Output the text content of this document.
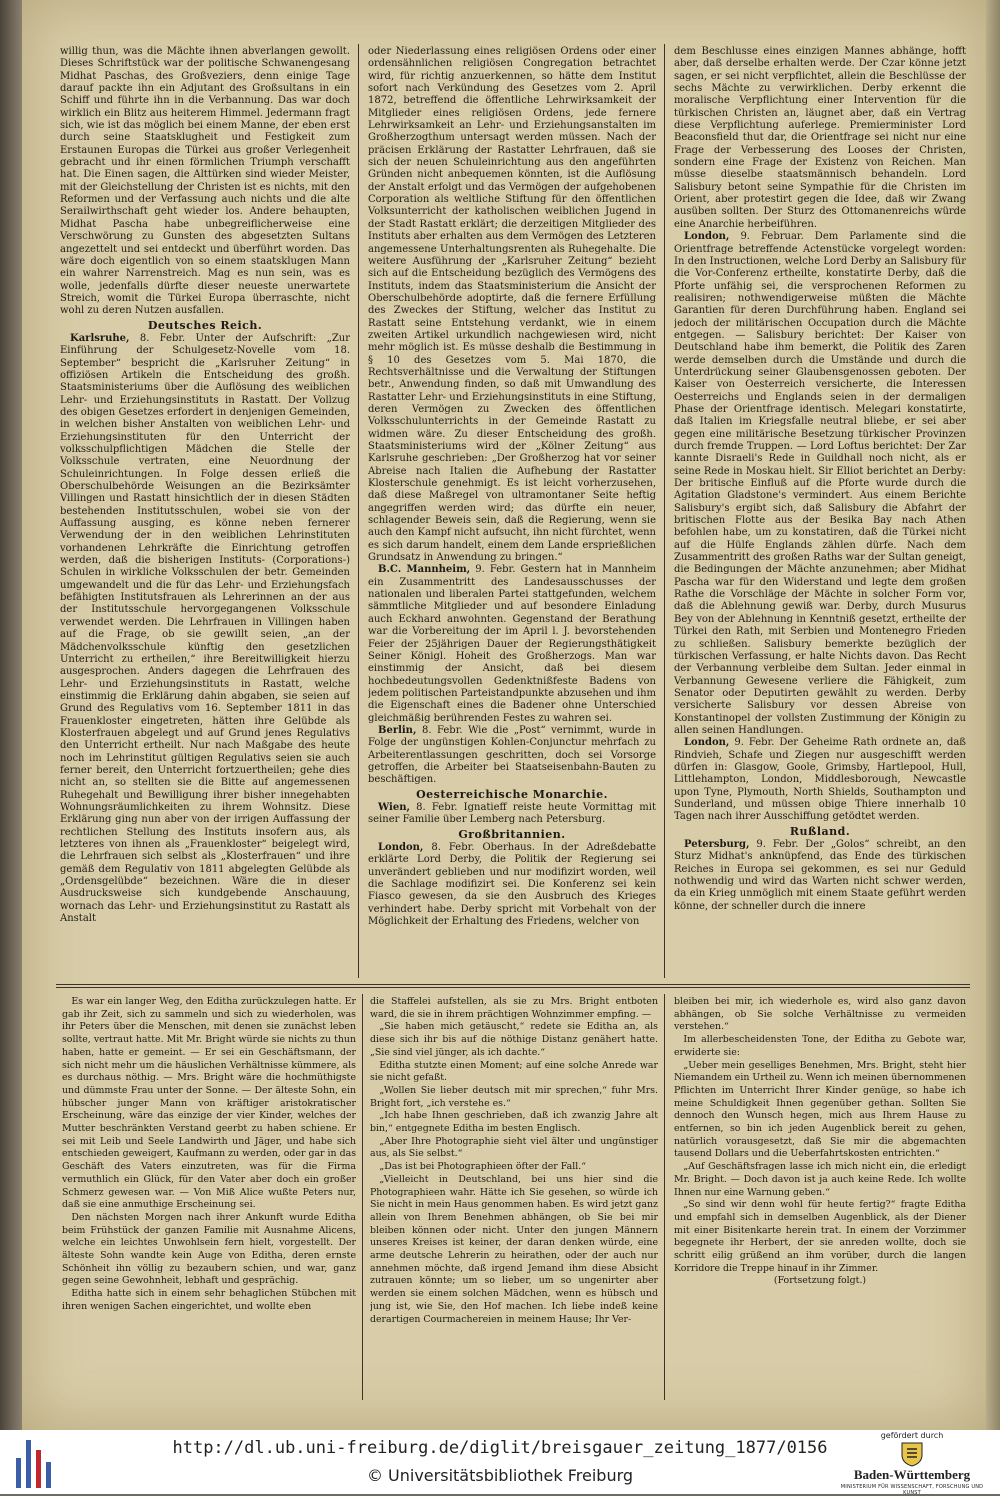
willig thun, was die Mächte ihnen abverlangen gewollt. Dieses Schriftstück war der politische Schwanengesang Midhat Paschas, des Großveziers, denn einige Tage darauf packte ihn ein Adjutant des Großsultans in ein Schiff und führte ihn in die Verbannung. Das war doch wirklich ein Blitz aus heiterem Himmel. Jedermann fragt sich, wie ist das möglich bei einem Manne, der eben erst durch seine Staatsklugheit und Festigkeit zum Erstaunen Europas die Türkei aus großer Verlegenheit gebracht und ihr einen förmlichen Triumph verschafft hat. Die Einen sagen, die Alttürken sind wieder Meister, mit der Gleichstellung der Christen ist es nichts, mit den Reformen und der Verfassung auch nichts und die alte Serailwirthschaft geht wieder los. Andere behaupten, Midhat Pascha habe unbegreiflicherweise eine Verschwörung zu Gunsten des abgesetzten Sultans angezettelt und sei entdeckt und überführt worden. Das wäre doch eigentlich von so einem staatsklugen Mann ein wahrer Narrenstreich. Mag es nun sein, was es wolle, jedenfalls dürfte dieser neueste unerwartete Streich, womit die Türkei Europa überraschte, nicht wohl zu deren Nutzen ausfallen.

Deutsches Reich.

Karlsruhe, 8. Febr. Unter der Aufschrift: „Zur Einführung der Schulgesetz-Novelle vom 18. September“ bespricht die „Karlsruher Zeitung“ in offiziösen Artikeln die Entscheidung des großh. Staatsministeriums über die Auflösung des weiblichen Lehr- und Erziehungsinstituts in Rastatt. Der Vollzug des obigen Gesetzes erfordert in denjenigen Gemeinden, in welchen bisher Anstalten von weiblichen Lehr- und Erziehungsinstituten für den Unterricht der volksschulpflichtigen Mädchen die Stelle der Volksschule vertraten, eine Neuordnung der Schuleinrichtungen. In Folge dessen erließ die Oberschulbehörde Weisungen an die Bezirksämter Villingen und Rastatt hinsichtlich der in diesen Städten bestehenden Institutsschulen, wobei sie von der Auffassung ausging, es könne neben fernerer Verwendung der in den weiblichen Lehrinstituten vorhandenen Lehrkräfte die Einrichtung getroffen werden, daß die bisherigen Instituts- (Corporations-) Schulen in wirkliche Volksschulen der betr. Gemeinden umgewandelt und die für das Lehr- und Erziehungsfach befähigten Institutsfrauen als Lehrerinnen an der aus der Institutsschule hervorgegangenen Volksschule verwendet werden. Die Lehrfrauen in Villingen haben auf die Frage, ob sie gewillt seien, „an der Mädchenvolksschule künftig den gesetzlichen Unterricht zu ertheilen,“ ihre Bereitwilligkeit hierzu ausgesprochen. Anders dagegen die Lehrfrauen des Lehr- und Erziehungsinstituts in Rastatt, welche einstimmig die Erklärung dahin abgaben, sie seien auf Grund des Regulativs vom 16. September 1811 in das Frauenkloster eingetreten, hätten ihre Gelübde als Klosterfrauen abgelegt und auf Grund jenes Regulativs den Unterricht ertheilt. Nur nach Maßgabe des heute noch im Lehrinstitut gültigen Regulativs seien sie auch ferner bereit, den Unterricht fortzuertheilen; gehe dies nicht an, so stellten sie die Bitte auf angemessenen Ruhegehalt und Bewilligung ihrer bisher innegehabten Wohnungsräumlichkeiten zu ihrem Wohnsitz. Diese Erklärung ging nun aber von der irrigen Auffassung der rechtlichen Stellung des Instituts insofern aus, als letzteres von ihnen als „Frauenkloster“ beigelegt wird, die Lehrfrauen sich selbst als „Klosterfrauen“ und ihre gemäß dem Regulativ von 1811 abgelegten Gelübde als „Ordensgelübde“ bezeichnen. Wäre die in dieser Ausdrucksweise sich kundgebende Anschauung, wornach das Lehr- und Erziehungsinstitut zu Rastatt als Anstalt

oder Niederlassung eines religiösen Ordens oder einer ordensähnlichen religiösen Congregation betrachtet wird, für richtig anzuerkennen, so hätte dem Institut sofort nach Verkündung des Gesetzes vom 2. April 1872, betreffend die öffentliche Lehrwirksamkeit der Mitglieder eines religiösen Ordens, jede fernere Lehrwirksamkeit an Lehr- und Erziehungsanstalten im Großherzogthum untersagt werden müssen. Nach der präcisen Erklärung der Rastatter Lehrfrauen, daß sie sich der neuen Schuleinrichtung aus den angeführten Gründen nicht anbequemen könnten, ist die Auflösung der Anstalt erfolgt und das Vermögen der aufgehobenen Corporation als weltliche Stiftung für den öffentlichen Volksunterricht der katholischen weiblichen Jugend in der Stadt Rastatt erklärt; die derzeitigen Mitglieder des Instituts aber erhalten aus dem Vermögen des Letzteren angemessene Unterhaltungsrenten als Ruhegehalte. Die weitere Ausführung der „Karlsruher Zeitung“ bezieht sich auf die Entscheidung bezüglich des Vermögens des Instituts, indem das Staatsministerium die Ansicht der Oberschulbehörde adoptirte, daß die fernere Erfüllung des Zweckes der Stiftung, welcher das Institut zu Rastatt seine Entstehung verdankt, wie in einem zweiten Artikel urkundlich nachgewiesen wird, nicht mehr möglich ist. Es müsse deshalb die Bestimmung in § 10 des Gesetzes vom 5. Mai 1870, die Rechtsverhältnisse und die Verwaltung der Stiftungen betr., Anwendung finden, so daß mit Umwandlung des Rastatter Lehr- und Erziehungsinstituts in eine Stiftung, deren Vermögen zu Zwecken des öffentlichen Volksschulunterrichts in der Gemeinde Rastatt zu widmen wäre. Zu dieser Entscheidung des großh. Staatsministeriums wird der „Kölner Zeitung“ aus Karlsruhe geschrieben: „Der Großherzog hat vor seiner Abreise nach Italien die Aufhebung der Rastatter Klosterschule genehmigt. Es ist leicht vorherzusehen, daß diese Maßregel von ultramontaner Seite heftig angegriffen werden wird; das dürfte ein neuer, schlagender Beweis sein, daß die Regierung, wenn sie auch den Kampf nicht aufsucht, ihn nicht fürchtet, wenn es sich darum handelt, einem dem Lande ersprießlichen Grundsatz in Anwendung zu bringen.“

B.C. Mannheim, 9. Febr. Gestern hat in Mannheim ein Zusammentritt des Landesausschusses der nationalen und liberalen Partei stattgefunden, welchem sämmtliche Mitglieder und auf besondere Einladung auch Eckhard anwohnten. Gegenstand der Berathung war die Vorbereitung der im April l. J. bevorstehenden Feier der 25jährigen Dauer der Regierungsthätigkeit Seiner Königl. Hoheit des Großherzogs. Man war einstimmig der Ansicht, daß bei diesem hochbedeutungsvollen Gedenktnißfeste Badens von jedem politischen Parteistandpunkte abzusehen und ihm die Eigenschaft eines die Badener ohne Unterschied gleichmäßig berührenden Festes zu wahren sei.

Berlin, 8. Febr. Wie die „Post“ vernimmt, wurde in Folge der ungünstigen Kohlen-Conjunctur mehrfach zu Arbeiterentlassungen geschritten, doch sei Vorsorge getroffen, die Arbeiter bei Staatseisenbahn-Bauten zu beschäftigen.

Oesterreichische Monarchie.

Wien, 8. Febr. Ignatieff reiste heute Vormittag mit seiner Familie über Lemberg nach Petersburg.

Großbritannien.

London, 8. Febr. Oberhaus. In der Adreßdebatte erklärte Lord Derby, die Politik der Regierung sei unverändert geblieben und nur modifizirt worden, weil die Sachlage modifizirt sei. Die Konferenz sei kein Fiasco gewesen, da sie den Ausbruch des Krieges verhindert habe. Derby spricht mit Vorbehalt von der Möglichkeit der Erhaltung des Friedens, welcher von

dem Beschlusse eines einzigen Mannes abhänge, hofft aber, daß derselbe erhalten werde. Der Czar könne jetzt sagen, er sei nicht verpflichtet, allein die Beschlüsse der sechs Mächte zu verwirklichen. Derby erkennt die moralische Verpflichtung einer Intervention für die türkischen Christen an, läugnet aber, daß ein Vertrag diese Verpflichtung auferlege. Premierminister Lord Beaconsfield thut dar, die Orientfrage sei nicht nur eine Frage der Verbesserung des Looses der Christen, sondern eine Frage der Existenz von Reichen. Man müsse dieselbe staatsmännisch behandeln. Lord Salisbury betont seine Sympathie für die Christen im Orient, aber protestirt gegen die Idee, daß wir Zwang ausüben sollten. Der Sturz des Ottomanenreichs würde eine Anarchie herbeiführen.

London, 9. Februar. Dem Parlamente sind die Orientfrage betreffende Actenstücke vorgelegt worden: In den Instructionen, welche Lord Derby an Salisbury für die Vor-Conferenz ertheilte, konstatirte Derby, daß die Pforte unfähig sei, die versprochenen Reformen zu realisiren; nothwendigerweise müßten die Mächte Garantien für deren Durchführung haben. England sei jedoch der militärischen Occupation durch die Mächte entgegen. — Salisbury berichtet: Der Kaiser von Deutschland habe ihm bemerkt, die Politik des Zaren werde demselben durch die Umstände und durch die Unterdrückung seiner Glaubensgenossen geboten. Der Kaiser von Oesterreich versicherte, die Interessen Oesterreichs und Englands seien in der dermaligen Phase der Orientfrage identisch. Melegari konstatirte, daß Italien im Kriegsfalle neutral bliebe, er sei aber gegen eine militärische Besetzung türkischer Provinzen durch fremde Truppen. — Lord Loftus berichtet: Der Zar kannte Disraeli's Rede in Guildhall noch nicht, als er seine Rede in Moskau hielt. Sir Elliot berichtet an Derby: Der britische Einfluß auf die Pforte wurde durch die Agitation Gladstone's vermindert. Aus einem Berichte Salisbury's ergibt sich, daß Salisbury die Abfahrt der britischen Flotte aus der Besika Bay nach Athen befohlen habe, um zu konstatiren, daß die Türkei nicht auf die Hülfe Englands zählen dürfe. Nach dem Zusammentritt des großen Raths war der Sultan geneigt, die Bedingungen der Mächte anzunehmen; aber Midhat Pascha war für den Widerstand und legte dem großen Rathe die Vorschläge der Mächte in solcher Form vor, daß die Ablehnung gewiß war. Derby, durch Musurus Bey von der Ablehnung in Kenntniß gesetzt, ertheilte der Türkei den Rath, mit Serbien und Montenegro Frieden zu schließen. Salisbury bemerkte bezüglich der türkischen Verfassung, er halte Nichts davon. Das Recht der Verbannung verbleibe dem Sultan. Jeder einmal in Verbannung Gewesene verliere die Fähigkeit, zum Senator oder Deputirten gewählt zu werden. Derby versicherte Salisbury vor dessen Abreise von Konstantinopel der vollsten Zustimmung der Königin zu allen seinen Handlungen.

London, 9. Febr. Der Geheime Rath ordnete an, daß Rindvieh, Schafe und Ziegen nur ausgeschifft werden dürfen in: Glasgow, Goole, Grimsby, Hartlepool, Hull, Littlehampton, London, Middlesborough, Newcastle upon Tyne, Plymouth, North Shields, Southampton und Sunderland, und müssen obige Thiere innerhalb 10 Tagen nach ihrer Ausschiffung getödtet werden.

Rußland.

Petersburg, 9. Febr. Der „Golos“ schreibt, an den Sturz Midhat's anknüpfend, das Ende des türkischen Reiches in Europa sei gekommen, es sei nur Geduld nothwendig und wird das Warten nicht schwer werden, da ein Krieg unmöglich mit einem Staate geführt werden könne, der schneller durch die innere

Es war ein langer Weg, den Editha zurückzulegen hatte. Er gab ihr Zeit, sich zu sammeln und sich zu wiederholen, was ihr Peters über die Menschen, mit denen sie zunächst leben sollte, vertraut hatte. Mit Mr. Bright würde sie nichts zu thun haben, hatte er gemeint. — Er sei ein Geschäftsmann, der sich nicht mehr um die häuslichen Verhältnisse kümmere, als es durchaus nöthig. — Mrs. Bright wäre die hochmüthigste und dümmste Frau unter der Sonne. — Der älteste Sohn, ein hübscher junger Mann von kräftiger aristokratischer Erscheinung, wäre das einzige der vier Kinder, welches der Mutter beschränkten Verstand geerbt zu haben schiene. Er sei mit Leib und Seele Landwirth und Jäger, und habe sich entschieden geweigert, Kaufmann zu werden, oder gar in das Geschäft des Vaters einzutreten, was für die Firma vermuthlich ein Glück, für den Vater aber doch ein großer Schmerz gewesen war. — Von Miß Alice wußte Peters nur, daß sie eine anmuthige Erscheinung sei.

Den nächsten Morgen nach ihrer Ankunft wurde Editha beim Frühstück der ganzen Familie mit Ausnahme Alicens, welche ein leichtes Unwohlsein fern hielt, vorgestellt. Der älteste Sohn wandte kein Auge von Editha, deren ernste Schönheit ihn völlig zu bezaubern schien, und war, ganz gegen seine Gewohnheit, lebhaft und gesprächig.

Editha hatte sich in einem sehr behaglichen Stübchen mit ihren wenigen Sachen eingerichtet, und wollte eben

die Staffelei aufstellen, als sie zu Mrs. Bright entboten ward, die sie in ihrem prächtigen Wohnzimmer empfing. —

„Sie haben mich getäuscht,“ redete sie Editha an, als diese sich ihr bis auf die nöthige Distanz genähert hatte. „Sie sind viel jünger, als ich dachte.“

Editha stutzte einen Moment; auf eine solche Anrede war sie nicht gefaßt.

„Wollen Sie lieber deutsch mit mir sprechen,“ fuhr Mrs. Bright fort, „ich verstehe es.“

„Ich habe Ihnen geschrieben, daß ich zwanzig Jahre alt bin,“ entgegnete Editha im besten Englisch.

„Aber Ihre Photographie sieht viel älter und ungünstiger aus, als Sie selbst.“

„Das ist bei Photographieen öfter der Fall.“

„Vielleicht in Deutschland, bei uns hier sind die Photographieen wahr. Hätte ich Sie gesehen, so würde ich Sie nicht in mein Haus genommen haben. Es wird jetzt ganz allein von Ihrem Benehmen abhängen, ob Sie bei mir bleiben können oder nicht. Unter den jungen Männern unseres Kreises ist keiner, der daran denken würde, eine arme deutsche Lehrerin zu heirathen, oder der auch nur annehmen möchte, daß irgend Jemand ihm diese Absicht zutrauen könnte; um so lieber, um so ungenirter aber werden sie einem solchen Mädchen, wenn es hübsch und jung ist, wie Sie, den Hof machen. Ich liebe indeß keine derartigen Courmachereien in meinem Hause; Ihr Ver-

bleiben bei mir, ich wiederhole es, wird also ganz davon abhängen, ob Sie solche Verhältnisse zu vermeiden verstehen.“

Im allerbescheidensten Tone, der Editha zu Gebote war, erwiderte sie:

„Ueber mein geselliges Benehmen, Mrs. Bright, steht hier Niemandem ein Urtheil zu. Wenn ich meinen übernommenen Pflichten im Unterricht Ihrer Kinder genüge, so habe ich meine Schuldigkeit Ihnen gegenüber gethan. Sollten Sie dennoch den Wunsch hegen, mich aus Ihrem Hause zu entfernen, so bin ich jeden Augenblick bereit zu gehen, natürlich vorausgesetzt, daß Sie mir die abgemachten tausend Dollars und die Ueberfahrtskosten entrichten.“

„Auf Geschäftsfragen lasse ich mich nicht ein, die erledigt Mr. Bright. — Doch davon ist ja auch keine Rede. Ich wollte Ihnen nur eine Warnung geben.“

„So sind wir denn wohl für heute fertig?“ fragte Editha und empfahl sich in demselben Augenblick, als der Diener mit einer Bisitenkarte herein trat. In einem der Vorzimmer begegnete ihr Herbert, der sie anreden wollte, doch sie schritt eilig grüßend an ihm vorüber, durch die langen Korridore die Treppe hinauf in ihr Zimmer.

(Fortsetzung folgt.)

http://dl.ub.uni-freiburg.de/diglit/breisgauer_zeitung_1877/0156
© Universitätsbibliothek Freiburg
gefördert durch
Baden-Württemberg
MINISTERIUM FÜR WISSENSCHAFT, FORSCHUNG UND KUNST
